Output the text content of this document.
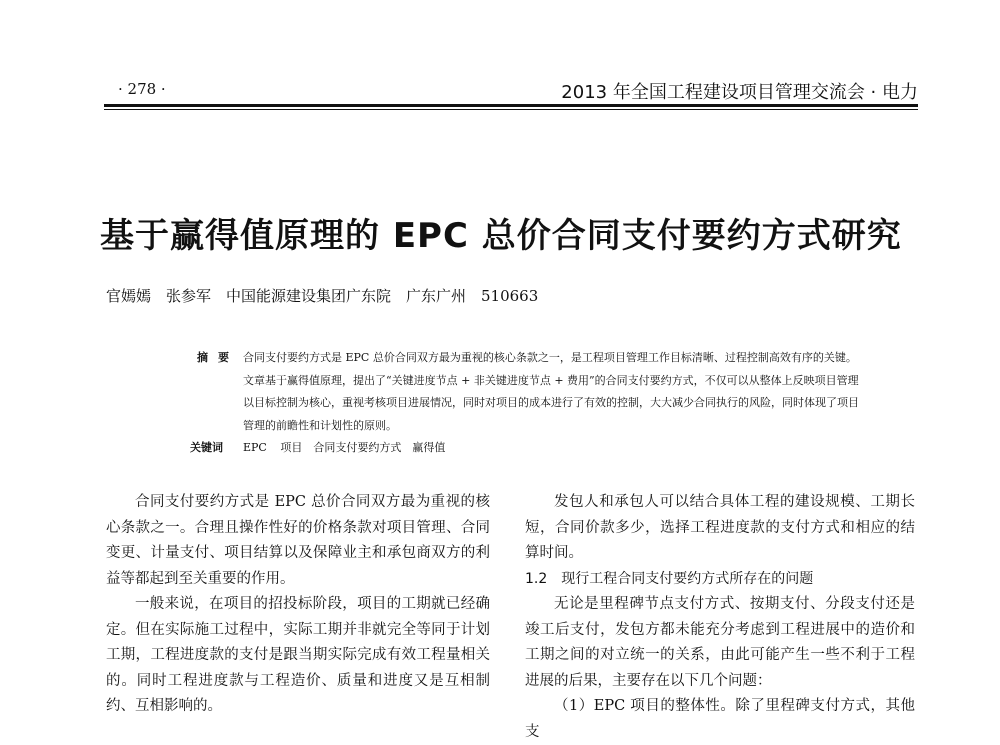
· 278 ·	2013 年全国工程建设项目管理交流会 · 电力
基于赢得值原理的 EPC 总价合同支付要约方式研究
官嫣嫣　张参军　中国能源建设集团广东院　广东广州　510663
摘要 合同支付要约方式是 EPC 总价合同双方最为重视的核心条款之一，是工程项目管理工作目标清晰、过程控制高效有序的关键。文章基于赢得值原理，提出了“关键进度节点 + 非关键进度节点 + 费用”的合同支付要约方式，不仅可以从整体上反映项目管理以目标控制为核心，重视考核项目进展情况，同时对项目的成本进行了有效的控制，大大减少合同执行的风险，同时体现了项目管理的前瞻性和计划性的原则。
关键词 EPC 项目　合同支付要约方式　赢得值

合同支付要约方式是 EPC 总价合同双方最为重视的核心条款之一。合理且操作性好的价格条款对项目管理、合同变更、计量支付、项目结算以及保障业主和承包商双方的利益等都起到至关重要的作用。

一般来说，在项目的招投标阶段，项目的工期就已经确定。但在实际施工过程中，实际工期并非就完全等同于计划工期，工程进度款的支付是跟当期实际完成有效工程量相关的。同时工程进度款与工程造价、质量和进度又是互相制约、互相影响的。

发包人和承包人可以结合具体工程的建设规模、工期长短，合同价款多少，选择工程进度款的支付方式和相应的结算时间。

1.2　现行工程合同支付要约方式所存在的问题

无论是里程碑节点支付方式、按期支付、分段支付还是竣工后支付，发包方都未能充分考虑到工程进展中的造价和工期之间的对立统一的关系，由此可能产生一些不利于工程进展的后果，主要存在以下几个问题：

（1）EPC 项目的整体性。除了里程碑支付方式，其他支
